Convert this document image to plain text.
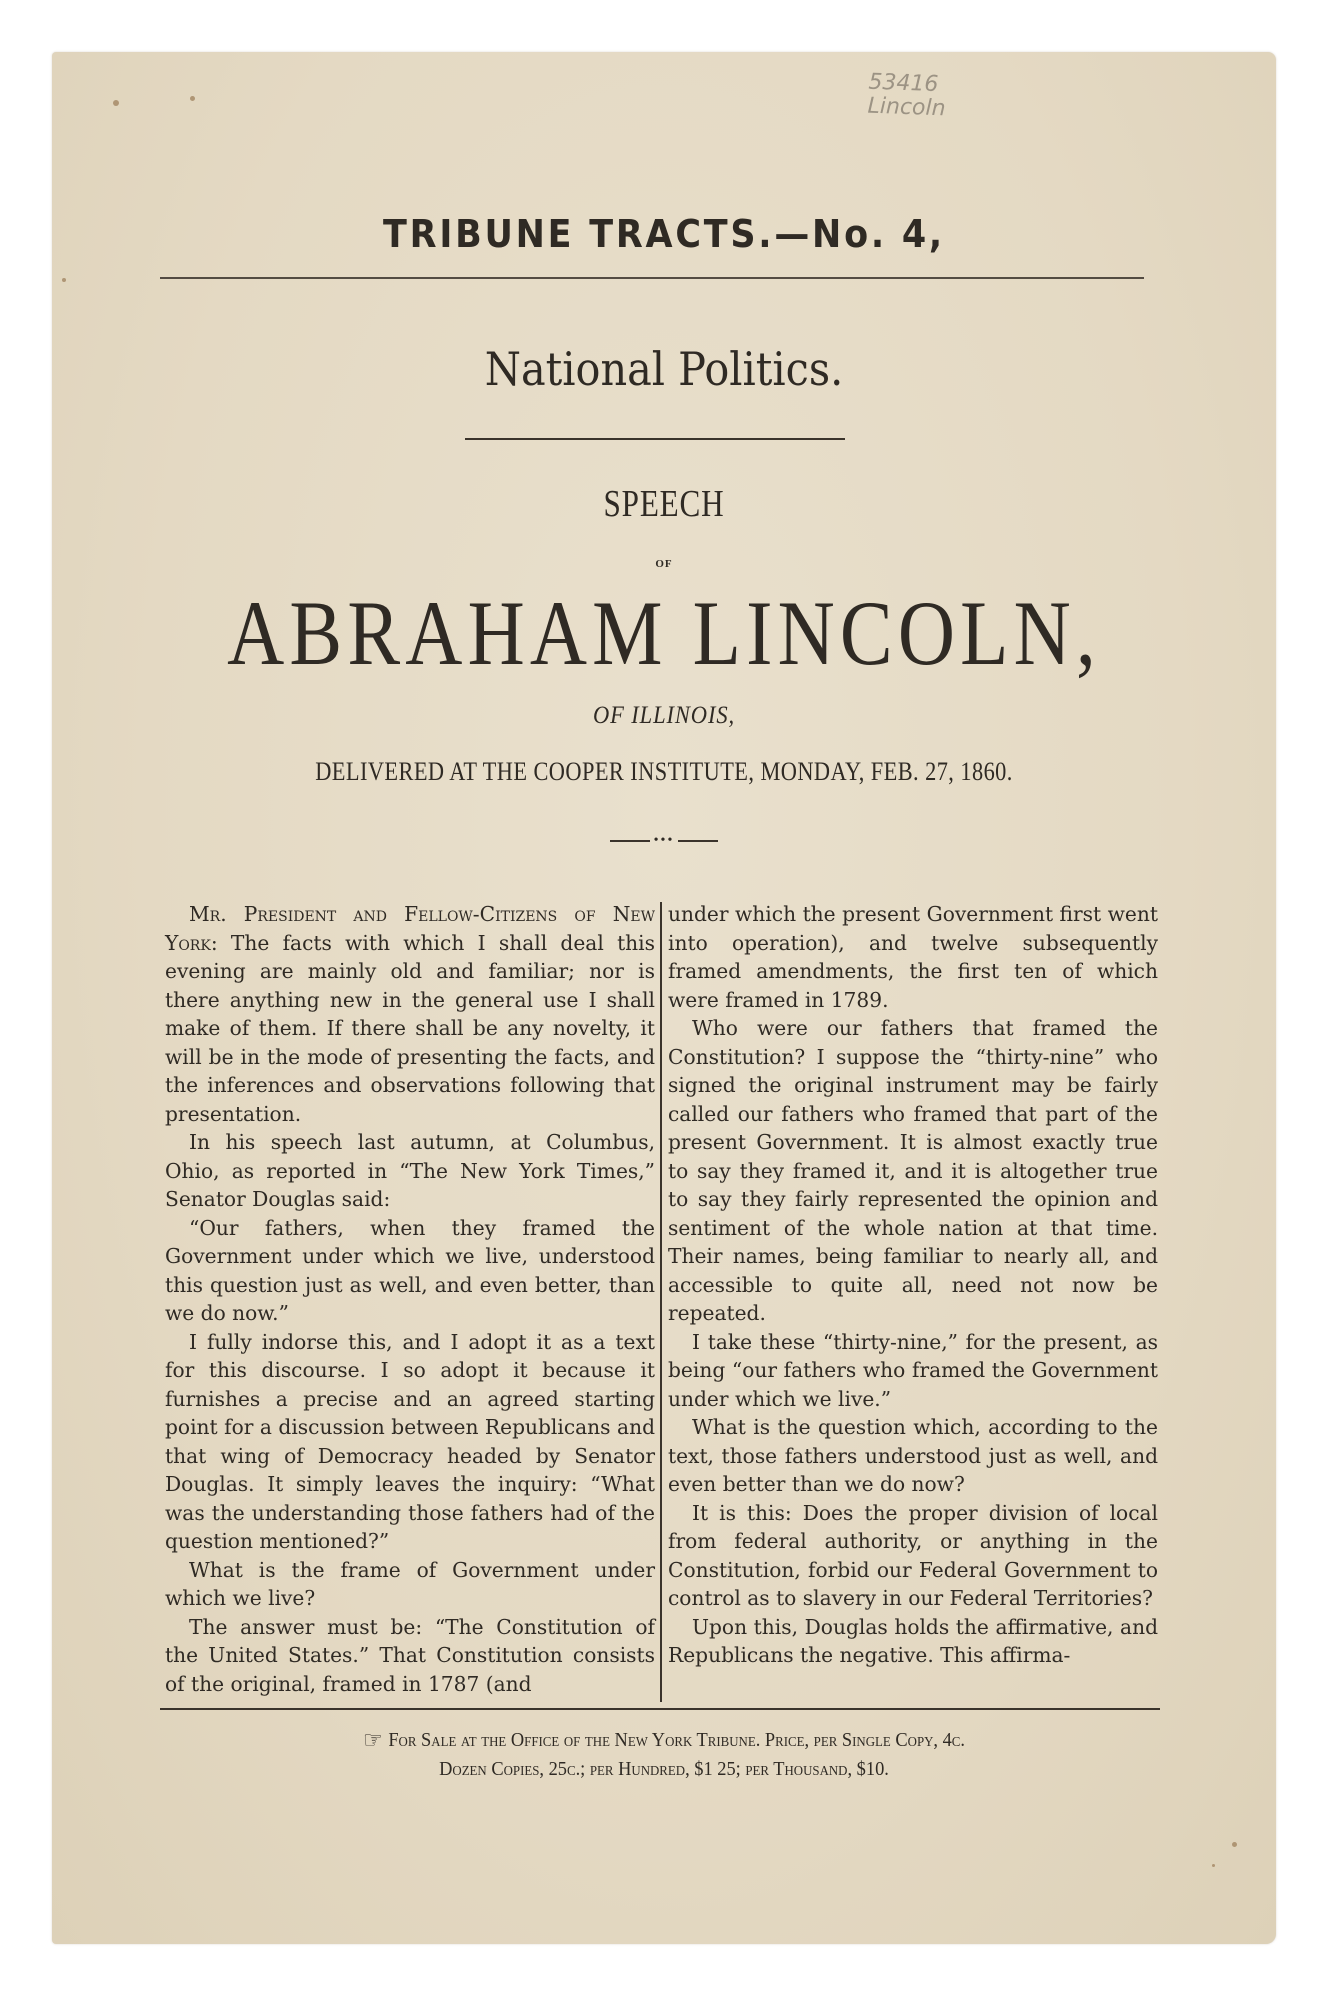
53416
Lincoln
TRIBUNE TRACTS.—No. 4,
National Politics.
SPEECH
OF
ABRAHAM LINCOLN,
OF ILLINOIS,
DELIVERED AT THE COOPER INSTITUTE, MONDAY, FEB. 27, 1860.
•••

Mr. President and Fellow-Citizens of New York: The facts with which I shall deal this evening are mainly old and familiar; nor is there anything new in the general use I shall make of them. If there shall be any novelty, it will be in the mode of presenting the facts, and the inferences and observations following that presentation.

In his speech last autumn, at Columbus, Ohio, as reported in “The New York Times,” Senator Douglas said:

“Our fathers, when they framed the Government under which we live, understood this question just as well, and even better, than we do now.”

I fully indorse this, and I adopt it as a text for this discourse. I so adopt it because it furnishes a precise and an agreed starting point for a discussion between Republicans and that wing of Democracy headed by Senator Douglas. It simply leaves the inquiry: “What was the understanding those fathers had of the question mentioned?”

What is the frame of Government under which we live?

The answer must be: “The Constitution of the United States.” That Constitution consists of the original, framed in 1787 (and

under which the present Government first went into operation), and twelve subsequently framed amendments, the first ten of which were framed in 1789.

Who were our fathers that framed the Constitution? I suppose the “thirty-nine” who signed the original instrument may be fairly called our fathers who framed that part of the present Government. It is almost exactly true to say they framed it, and it is altogether true to say they fairly represented the opinion and sentiment of the whole nation at that time. Their names, being familiar to nearly all, and accessible to quite all, need not now be repeated.

I take these “thirty-nine,” for the present, as being “our fathers who framed the Government under which we live.”

What is the question which, according to the text, those fathers understood just as well, and even better than we do now?

It is this: Does the proper division of local from federal authority, or anything in the Constitution, forbid our Federal Government to control as to slavery in our Federal Territories?

Upon this, Douglas holds the affirmative, and Republicans the negative. This affirma-

☞ For Sale at the Office of the New York Tribune. Price, per Single Copy, 4c.
Dozen Copies, 25c.; per Hundred, $1 25; per Thousand, $10.
